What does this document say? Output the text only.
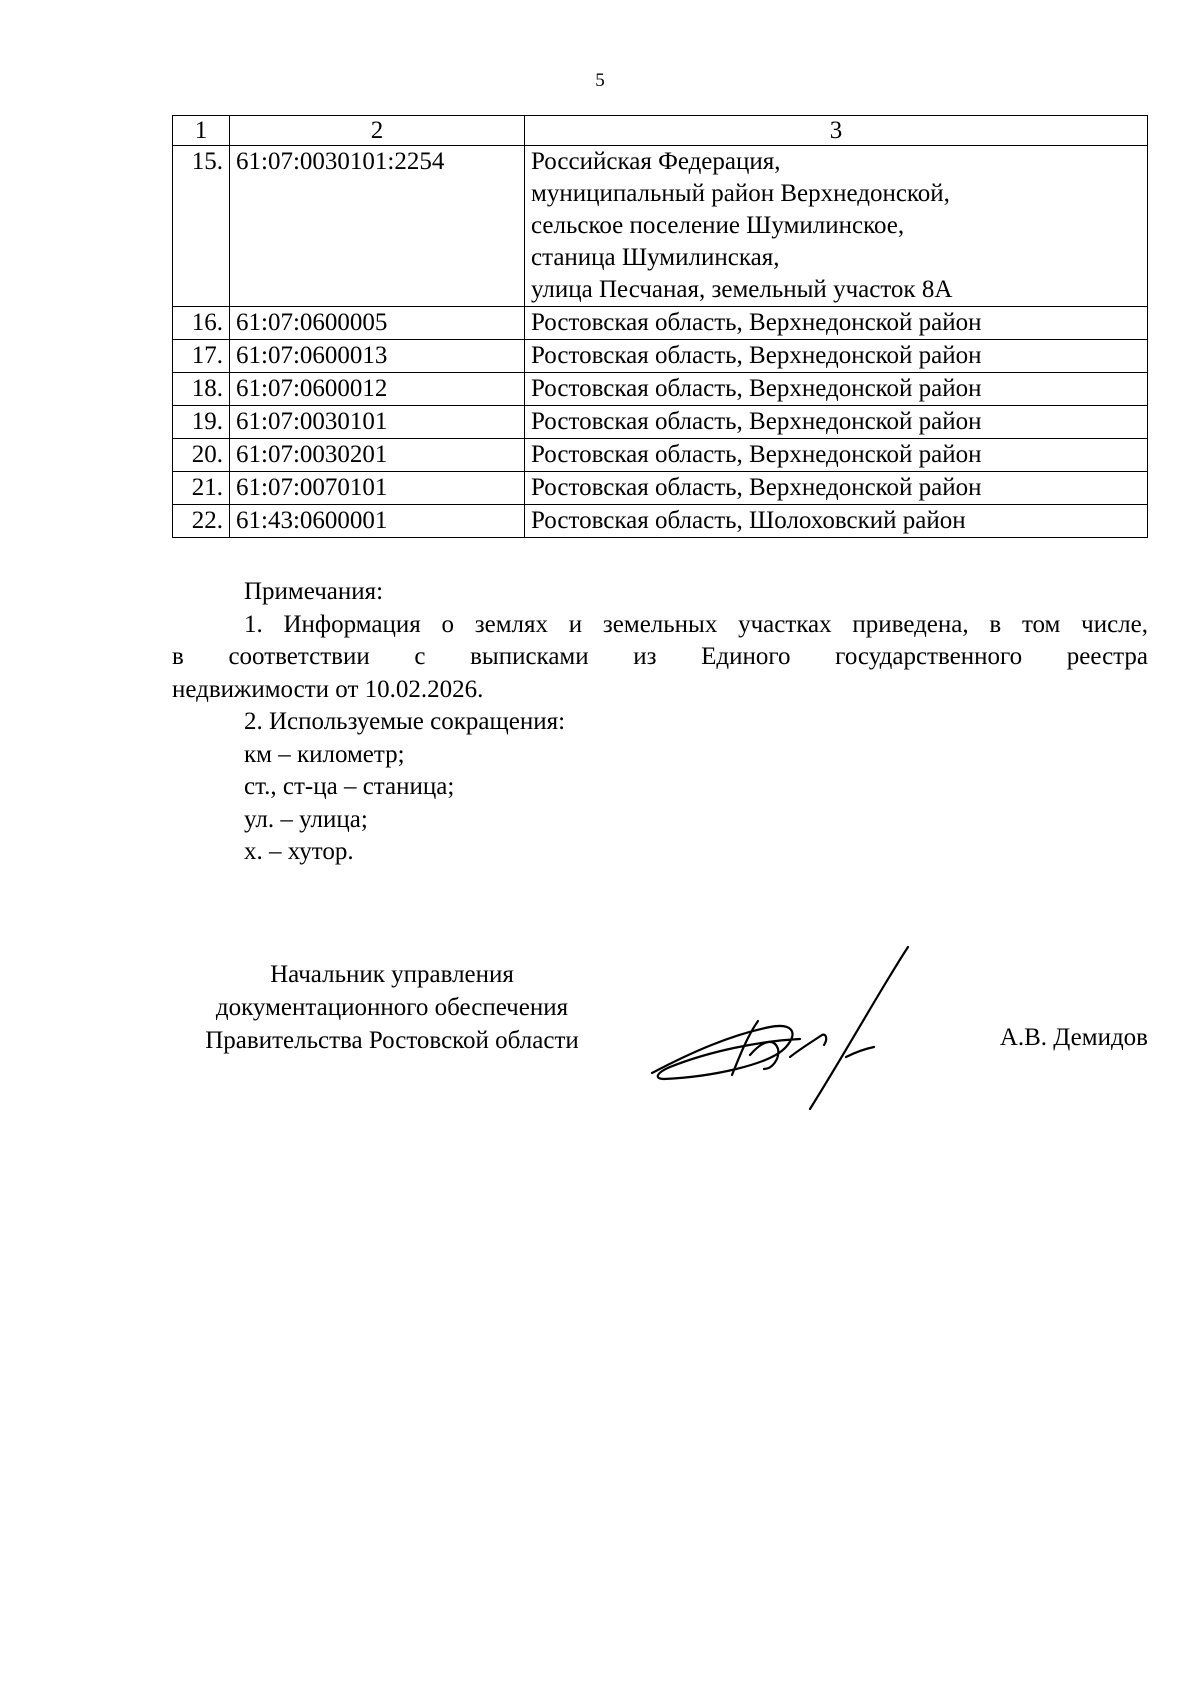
5
1	2	3
15.	61:07:0030101:2254	Российская Федерация,
муниципальный район Верхнедонской,
сельское поселение Шумилинское,
станица Шумилинская,
улица Песчаная, земельный участок 8А

16.	61:07:0600005	Ростовская область, Верхнедонской район

17.	61:07:0600013	Ростовская область, Верхнедонской район

18.	61:07:0600012	Ростовская область, Верхнедонской район

19.	61:07:0030101	Ростовская область, Верхнедонской район

20.	61:07:0030201	Ростовская область, Верхнедонской район

21.	61:07:0070101	Ростовская область, Верхнедонской район

22.	61:43:0600001	Ростовская область, Шолоховский район

Примечания:

1. Информация о землях и земельных участках приведена, в том числе,

в соответствии с выписками из Единого государственного реестра

недвижимости от 10.02.2026.

2. Используемые сокращения:

км – километр;

ст., ст-ца – станица;

ул. – улица;

х. – хутор.

Начальник управления
документационного обеспечения
Правительства Ростовской области	А.В. Демидов
